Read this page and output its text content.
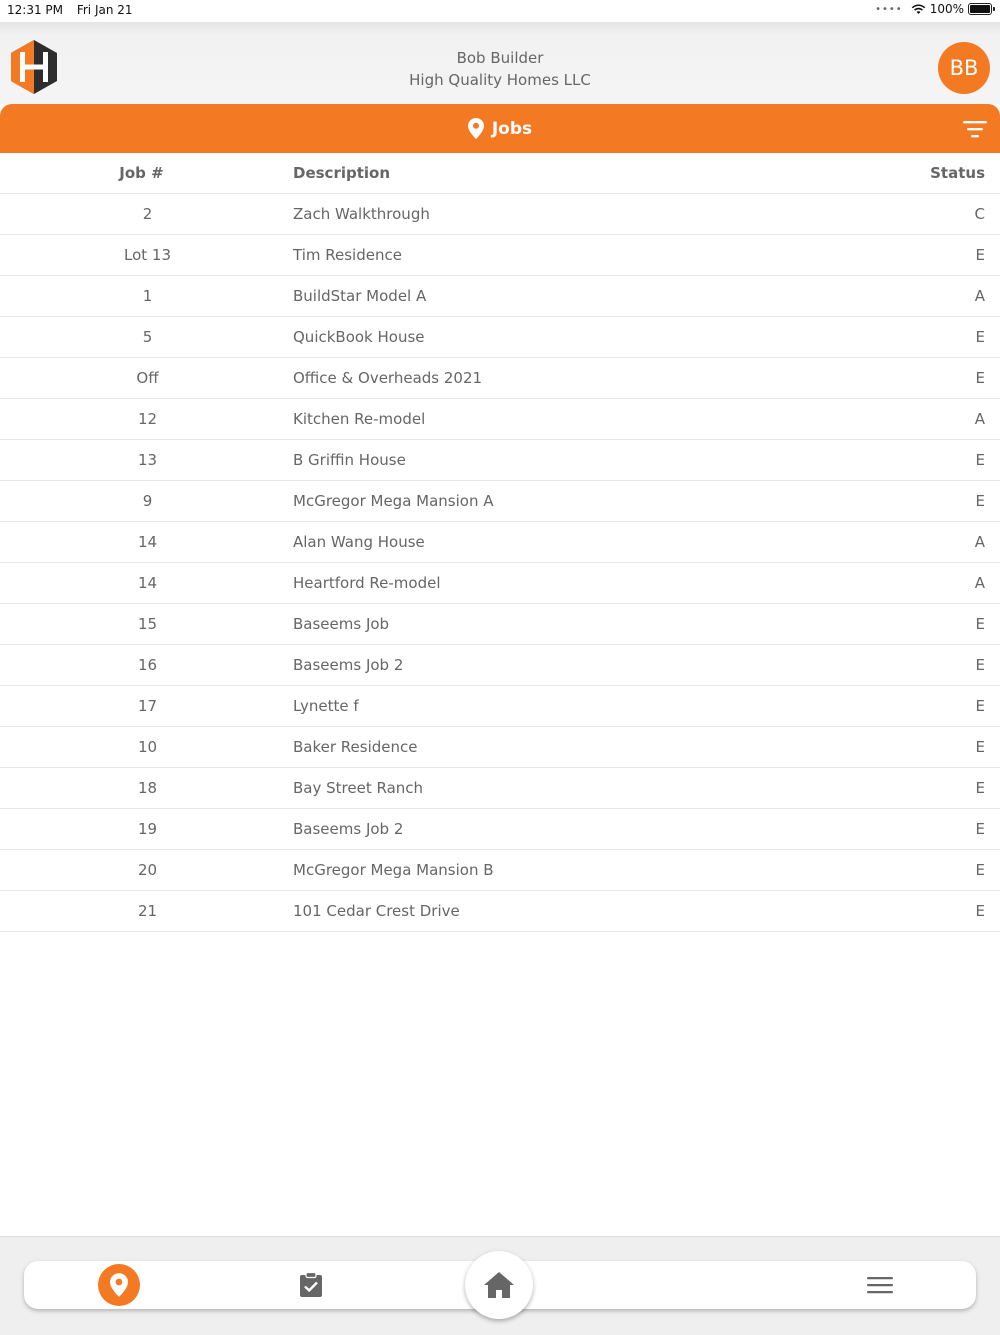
12:31 PM Fri Jan 21	•••• 100%
Bob Builder
High Quality Homes LLC	BB
Jobs
Job #	Description	Status
2	Zach Walkthrough	C
Lot 13	Tim Residence	E
1	BuildStar Model A	A
5	QuickBook House	E
Off	Office & Overheads 2021	E
12	Kitchen Re-model	A
13	B Griffin House	E
9	McGregor Mega Mansion A	E
14	Alan Wang House	A
14	Heartford Re-model	A
15	Baseems Job	E
16	Baseems Job 2	E
17	Lynette f	E
10	Baker Residence	E
18	Bay Street Ranch	E
19	Baseems Job 2	E
20	McGregor Mega Mansion B	E
21	101 Cedar Crest Drive	E
